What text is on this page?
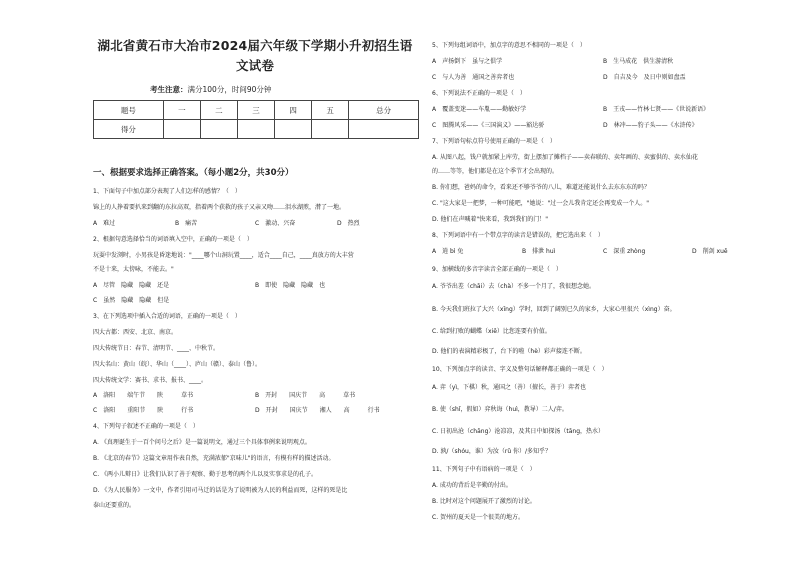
湖北省黄石市大冶市2024届六年级下学期小升初招生语文试卷
考生注意：满分100分，时间90分钟
题号	一	二	三	四	五	总分
得分						
一、根据要求选择正确答案。（每小题2分，共30分）
1、下面句子中加点部分表现了人们怎样的感情？（　）
锦上的人挣着要扒来到翻的东拉高双，指着两个获救的孩子又亲又吻……泪水湖煎，潸了一地。
A　难过	B　痛苦	C　激动、兴奋	D　热烈
2、根据句意选择恰当的词语填入空中，正确的一项是（　）
玩耍中发浏时，小男孩是昏迷地说："____哪个山洞玩置____，适合____自己，____真放方的大丰营
不是十来，太傍咏，不能去。"
A　尽管　隐藏　隐藏　还是	B　即使　隐藏　隐藏　也
C　虽然　隐藏　隐藏　但是
3、在下列选项中插入合适的词语，正确的一项是（　）
四大古都：西安、北京、南京。
四大传统节日：春节、清明节、____、中秋节。
四大名山：黄山（皖）、华山（____）、庐山（赣）、泰山（鲁）。
四大传统文学：赛书、求书、报书、____。
A　洛阳　　端午节　　陕　　　草书	B　开封　　国庆节　　高　　　草书
C　洛阳　　重阳节　　陕　　　行书	D　开封　　国庆节　　湘人　　高　　　行书
4、下列句子叙述不正确的一项是（　）
A. 《真理诞生于一百个问号之后》是一篇说明文，通过三个具体事例来说明观点。
B. 《北京的春节》这篇文章用作表自然，充满浓郁"京味儿"的语言，有模有样的描述活动。
C. 《两小儿辩日》让我们认识了善于观察、勤于思考的两个儿以及实事求是的孔子。
D. 《为人民服务》一文中，作者引用司马迁的话是为了说明被为人民的利益而死，这样的死是比
泰山还要重的。
5、下列每组词语中，加点字的意思不相同的一项是（　）
A　声扬倒下　虽与之俱学	B　生马成花　供生游清秋
C　与人为善　通国之善弈者也	D　自吉及今　及日中则如盘盂
6、下列说法不正确的一项是（　）
A　覆盖变迷——车胤——勤敏好学	B　王戎——竹林七贤——《世说新语》
C　图腾风采——《三国演义》——豁达骄	D　林冲——豹子头——《水浒传》
7、下列语句标点符号使用正确的一项是（　）
A. 从图八起，钱户就加紧上库劳，街上摆加了摊档子——卖春联的、卖年画的、卖蜜供的、卖水仙花
的……等等，他们都是在这个季节才会出现的。
B. 你们想，爸妈的命令，看来还不够爷爷的八儿，难道还能说什么去东东东的吗？
C. "这大家是一把梦，一种可能吧，"她说："过一会儿我肯定还会再变成一个人。"
D. 他们在声喊着"快来看，我到我们的门！"
8、下列词语中有一个带点字的读音是错误的，把它选出来（　）
A　逍 bì 免	B　排泄 huì	C　深重 zhòng	D　削剑 xuē
9、加横线的多音字读音全部正确的一项是（　）
A. 爷爷出差（chāi）去（chà）不多一个月了，我很想念她。
B. 今天我们班拉了大兴（xīng）学时，回到了阔别已久的家乡，大家心里很兴（xìng）奋。
C. 给到打败的蝴蝶（xiē）比您连要有价值。
D. 他们的表演精彩极了，台下的啦（hè）彩声接连不断。
10、下列加点字的读音、字义及整句话解释都正确的一项是（　）
A. 弈（yì，下棋）秋，通国之（善）（擅长，善于）弈者也
B. 使（shǐ，假如）弈秋诲（huì，教导）二人/弈。
C. 日初出沧（chāng）沧凉凉，及其日中如探汤（tāng，热水）
D. 孰/（shóu，谁）为汝（rǔ 你）/多知乎？
11、下列句子中有语病的一项是（　）
A. 成功的背后是辛勤的付出。
B. 比时对这个问题展开了激烈的讨论。
C. 贺州的夏天是一个很美的地方。
